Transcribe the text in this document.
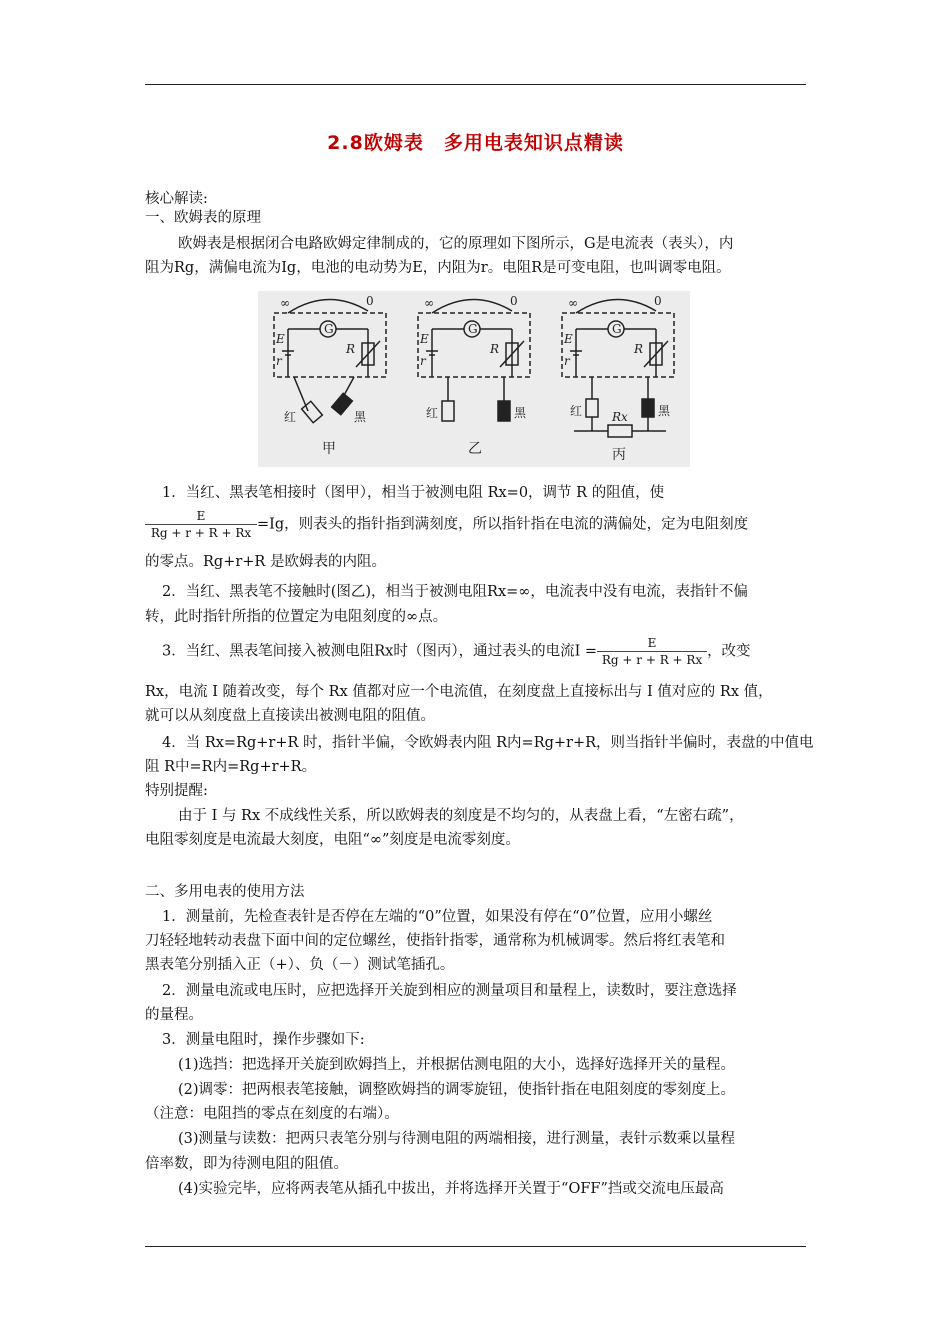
2.8欧姆表　多用电表知识点精读
核心解读:
一、欧姆表的原理
欧姆表是根据闭合电路欧姆定律制成的，它的原理如下图所示，G是电流表（表头），内
阻为Rg，满偏电流为Ig，电池的电动势为E，内阻为r。电阻R是可变电阻，也叫调零电阻。
∞	0
G
E
r
R
红	黑
甲
∞	0
G
E
r
R
红	黑
乙
∞	0
G
E
r
R
红	黑
Rx
丙
1．当红、黑表笔相接时（图甲），相当于被测电阻 Rx=0，调节 R 的阻值，使
$\frac{E}{Rg + r + R + Rx} =Ig$，则表头的指针指到满刻度，所以指针指在电流的满偏处，定为电阻刻度
的零点。Rg+r+R 是欧姆表的内阻。
2．当红、黑表笔不接触时(图乙)，相当于被测电阻Rx=∞，电流表中没有电流，表指针不偏
转，此时指针所指的位置定为电阻刻度的∞点。
3．当红、黑表笔间接入被测电阻Rx时（图丙），通过表头的电流$I = \frac{E}{Rg + r + R + Rx}$ ，改变
Rx，电流 I 随着改变，每个 Rx 值都对应一个电流值，在刻度盘上直接标出与 I 值对应的 Rx 值，
就可以从刻度盘上直接读出被测电阻的阻值。
4．当 Rx=Rg+r+R 时，指针半偏，令欧姆表内阻 R内=Rg+r+R，则当指针半偏时，表盘的中值电
阻 R中=R内=Rg+r+R。
特别提醒:
由于 I 与 Rx 不成线性关系，所以欧姆表的刻度是不均匀的，从表盘上看，“左密右疏”，
电阻零刻度是电流最大刻度，电阻“∞”刻度是电流零刻度。
二、多用电表的使用方法
1．测量前，先检查表针是否停在左端的“0”位置，如果没有停在“0”位置，应用小螺丝
刀轻轻地转动表盘下面中间的定位螺丝，使指针指零，通常称为机械调零。然后将红表笔和
黑表笔分别插入正（+）、负（－）测试笔插孔。
2．测量电流或电压时，应把选择开关旋到相应的测量项目和量程上，读数时，要注意选择
的量程。
3．测量电阻时，操作步骤如下:
(1)选挡：把选择开关旋到欧姆挡上，并根据估测电阻的大小，选择好选择开关的量程。
(2)调零：把两根表笔接触，调整欧姆挡的调零旋钮，使指针指在电阻刻度的零刻度上。
（注意：电阻挡的零点在刻度的右端）。
(3)测量与读数：把两只表笔分别与待测电阻的两端相接，进行测量，表针示数乘以量程
倍率数，即为待测电阻的阻值。
(4)实验完毕，应将两表笔从插孔中拔出，并将选择开关置于“OFF”挡或交流电压最高
